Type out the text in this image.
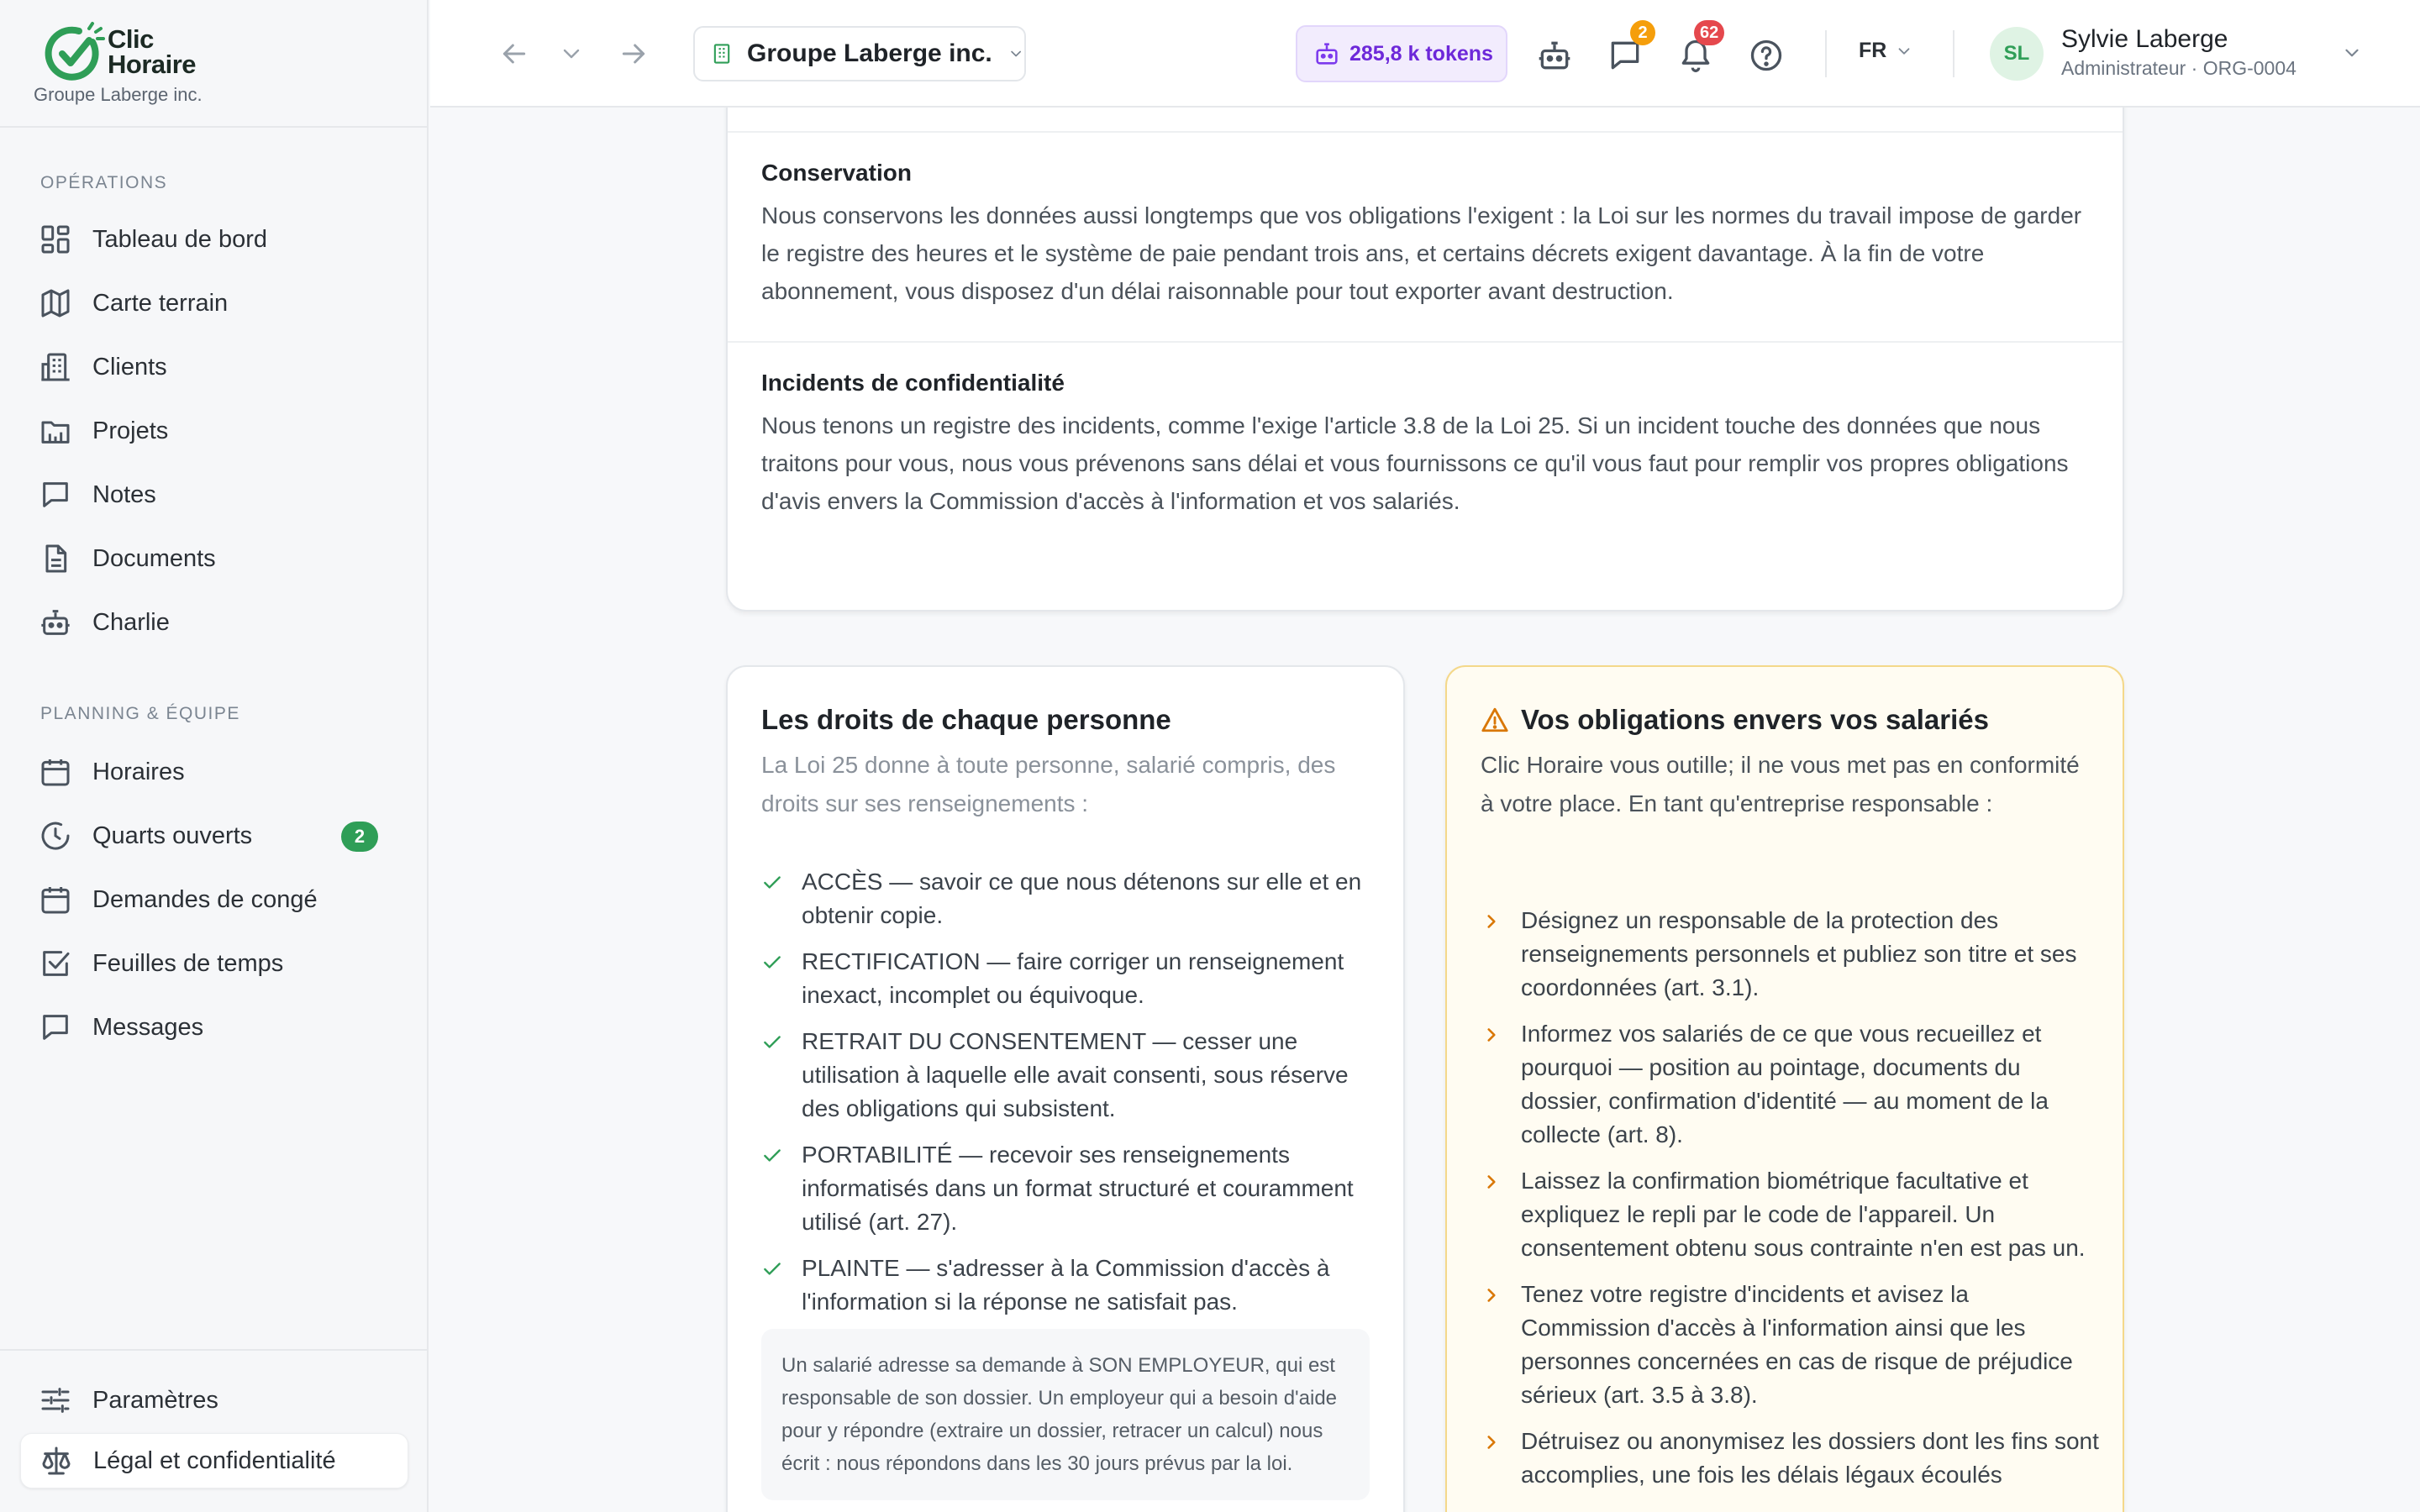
Clic Horaire
Groupe Laberge inc.
OPÉRATIONS
Tableau de bord
Carte terrain
Clients
Projets
Notes
Documents
Charlie
PLANNING & ÉQUIPE
Horaires
Quarts ouverts	2
Demandes de congé
Feuilles de temps
Messages
Paramètres
Légal et confidentialité
Groupe Laberge inc.	285,8 k tokens
2	62
FR	SL
Sylvie Laberge
Administrateur · ORG-0004

Conservation

Nous conservons les données aussi longtemps que vos obligations l'exigent : la Loi sur les normes du travail impose de garder le registre des heures et le système de paie pendant trois ans, et certains décrets exigent davantage. À la fin de votre abonnement, vous disposez d'un délai raisonnable pour tout exporter avant destruction.

Incidents de confidentialité

Nous tenons un registre des incidents, comme l'exige l'article 3.8 de la Loi 25. Si un incident touche des données que nous traitons pour vous, nous vous prévenons sans délai et vous fournissons ce qu'il vous faut pour remplir vos propres obligations d'avis envers la Commission d'accès à l'information et vos salariés.

Les droits de chaque personne
La Loi 25 donne à toute personne, salarié compris, des droits sur ses renseignements :
ACCÈS — savoir ce que nous détenons sur elle et en obtenir copie.
RECTIFICATION — faire corriger un renseignement inexact, incomplet ou équivoque.
RETRAIT DU CONSENTEMENT — cesser une utilisation à laquelle elle avait consenti, sous réserve des obligations qui subsistent.
PORTABILITÉ — recevoir ses renseignements informatisés dans un format structuré et couramment utilisé (art. 27).
PLAINTE — s'adresser à la Commission d'accès à l'information si la réponse ne satisfait pas.
Un salarié adresse sa demande à SON EMPLOYEUR, qui est responsable de son dossier. Un employeur qui a besoin d'aide pour y répondre (extraire un dossier, retracer un calcul) nous écrit : nous répondons dans les 30 jours prévus par la loi.
Vos obligations envers vos salariés
Clic Horaire vous outille; il ne vous met pas en conformité à votre place. En tant qu'entreprise responsable :
Désignez un responsable de la protection des renseignements personnels et publiez son titre et ses coordonnées (art. 3.1).
Informez vos salariés de ce que vous recueillez et pourquoi — position au pointage, documents du dossier, confirmation d'identité — au moment de la collecte (art. 8).
Laissez la confirmation biométrique facultative et expliquez le repli par le code de l'appareil. Un consentement obtenu sous contrainte n'en est pas un.
Tenez votre registre d'incidents et avisez la Commission d'accès à l'information ainsi que les personnes concernées en cas de risque de préjudice sérieux (art. 3.5 à 3.8).
Détruisez ou anonymisez les dossiers dont les fins sont accomplies, une fois les délais légaux écoulés
